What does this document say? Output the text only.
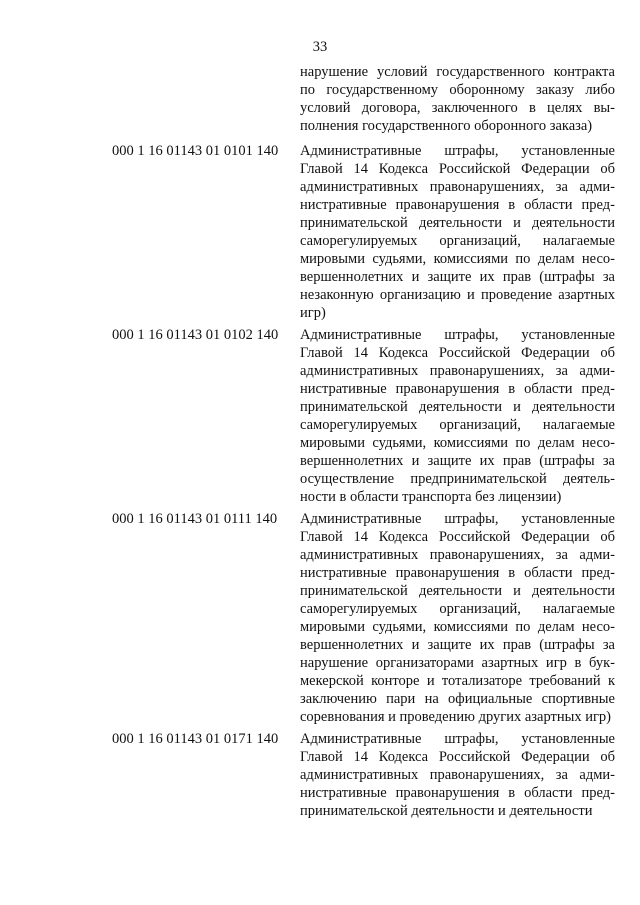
33
нарушение условий государственного контракта по государственному оборонному заказу либо условий договора, заключенного в целях выполнения государственного оборонного заказа)
000 1 16 01143 01 0101 140	Административные штрафы, установленные Главой 14 Кодекса Российской Федерации об административных правонарушениях, за административные правонарушения в области предпринимательской деятельности и деятельности саморегулируемых организаций, налагаемые мировыми судьями, комиссиями по делам несовершеннолетних и защите их прав (штрафы за незаконную организацию и проведение азартных игр)
000 1 16 01143 01 0102 140	Административные штрафы, установленные Главой 14 Кодекса Российской Федерации об административных правонарушениях, за административные правонарушения в области предпринимательской деятельности и деятельности саморегулируемых организаций, налагаемые мировыми судьями, комиссиями по делам несовершеннолетних и защите их прав (штрафы за осуществление предпринимательской деятельности в области транспорта без лицензии)
000 1 16 01143 01 0111 140	Административные штрафы, установленные Главой 14 Кодекса Российской Федерации об административных правонарушениях, за административные правонарушения в области предпринимательской деятельности и деятельности саморегулируемых организаций, налагаемые мировыми судьями, комиссиями по делам несовершеннолетних и защите их прав (штрафы за нарушение организаторами азартных игр в букмекерской конторе и тотализаторе требований к заключению пари на официальные спортивные соревнования и проведению других азартных игр)
000 1 16 01143 01 0171 140	Административные штрафы, установленные Главой 14 Кодекса Российской Федерации об административных правонарушениях, за административные правонарушения в области предпринимательской деятельности и деятельности
